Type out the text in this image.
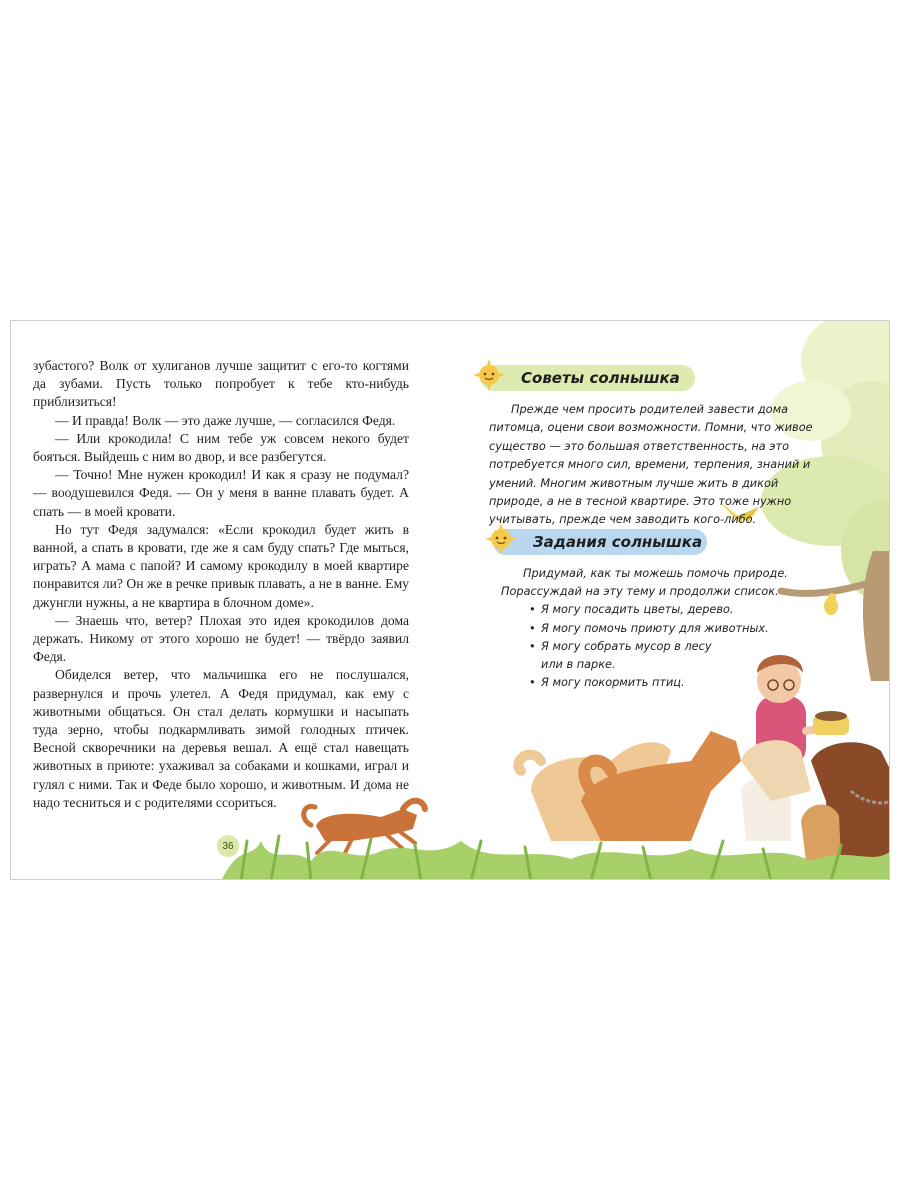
зубастого? Волк от хулиганов лучше защитит с его-то когтями да зубами. Пусть только попробует к тебе кто-нибудь приблизиться!

— И правда! Волк — это даже лучше, — согласился Федя.

— Или крокодила! С ним тебе уж совсем некого будет бояться. Выйдешь с ним во двор, и все разбегутся.

— Точно! Мне нужен крокодил! И как я сразу не подумал? — воодушевился Федя. — Он у меня в ванне плавать будет. А спать — в моей кровати.

Но тут Федя задумался: «Если крокодил будет жить в ванной, а спать в кровати, где же я сам буду спать? Где мыться, играть? А мама с папой? И самому крокодилу в моей квартире понравится ли? Он же в речке привык плавать, а не в ванне. Ему джунгли нужны, а не квартира в блочном доме».

— Знаешь что, ветер? Плохая это идея крокодилов дома держать. Никому от этого хорошо не будет! — твёрдо заявил Федя.

Обиделся ветер, что мальчишка его не послушался, развернулся и прочь улетел. А Федя придумал, как ему с животными общаться. Он стал делать кормушки и насыпать туда зерно, чтобы подкармливать зимой голодных птичек. Весной скворечники на деревья вешал. А ещё стал навещать животных в приюте: ухаживал за собаками и кошками, играл и гулял с ними. Так и Феде было хорошо, и животным. И дома не надо тесниться и с родителями ссориться.

36
Советы солнышка

Прежде чем просить родителей завести дома питомца, оцени свои возможности. Помни, что живое существо — это большая ответственность, на это потребуется много сил, времени, терпения, знаний и умений. Многим животным лучше жить в дикой природе, а не в тесной квартире. Это тоже нужно учитывать, прежде чем заводить кого-либо.

Задания солнышка

Придумай, как ты можешь помочь природе. Порассуждай на эту тему и продолжи список.

• Я могу посадить цветы, дерево.
• Я могу помочь приюту для животных.
• Я могу собрать мусор в лесу
или в парке.
• Я могу покормить птиц.
